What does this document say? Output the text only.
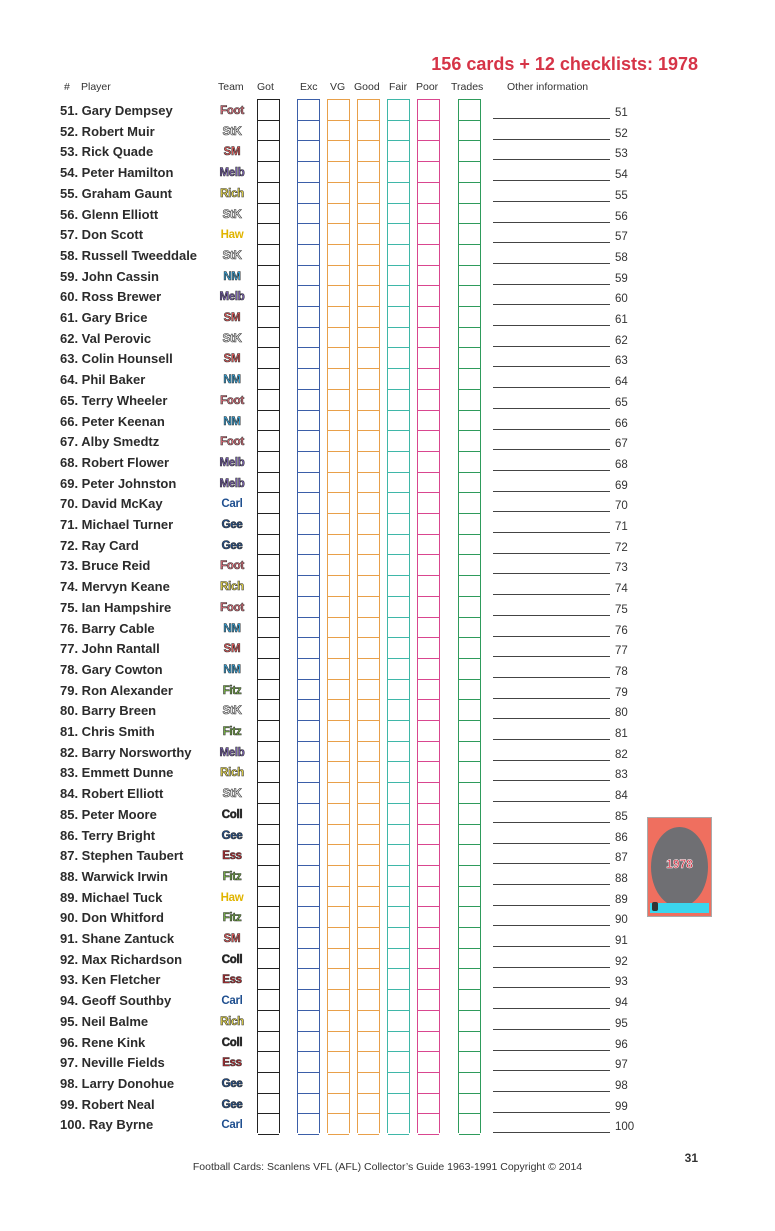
156 cards + 12 checklists: 1978
# Player	Team Got Exc VG Good Fair Poor Trades Other information
51. Gary Dempsey	Foot	51
52. Robert Muir	StK	52
53. Rick Quade	SM	53
54. Peter Hamilton	Melb	54
55. Graham Gaunt	Rich	55
56. Glenn Elliott	StK	56
57. Don Scott	Haw	57
58. Russell Tweeddale	StK	58
59. John Cassin	NM	59
60. Ross Brewer	Melb	60
61. Gary Brice	SM	61
62. Val Perovic	StK	62
63. Colin Hounsell	SM	63
64. Phil Baker	NM	64
65. Terry Wheeler	Foot	65
66. Peter Keenan	NM	66
67. Alby Smedtz	Foot	67
68. Robert Flower	Melb	68
69. Peter Johnston	Melb	69
70. David McKay	Carl	70
71. Michael Turner	Gee	71
72. Ray Card	Gee	72
73. Bruce Reid	Foot	73
74. Mervyn Keane	Rich	74
75. Ian Hampshire	Foot	75
76. Barry Cable	NM	76
77. John Rantall	SM	77
78. Gary Cowton	NM	78
79. Ron Alexander	Fitz	79
80. Barry Breen	StK	80
81. Chris Smith	Fitz	81
82. Barry Norsworthy Melb	82
83. Emmett Dunne	Rich	83
84. Robert Elliott	StK	84
85. Peter Moore	Coll	85
86. Terry Bright	Gee	86
87. Stephen Taubert	Ess	87
88. Warwick Irwin	Fitz	88
89. Michael Tuck	Haw	89
90. Don Whitford	Fitz	90
91. Shane Zantuck	SM	91
92. Max Richardson	Coll	92
93. Ken Fletcher	Ess	93
94. Geoff Southby	Carl	94
95. Neil Balme	Rich	95
96. Rene Kink	Coll	96
97. Neville Fields	Ess	97
98. Larry Donohue	Gee	98
99. Robert Neal	Gee	99
100. Ray Byrne	Carl	100
1978
31
Football Cards: Scanlens VFL (AFL) Collector’s Guide 1963-1991 Copyright © 2014
